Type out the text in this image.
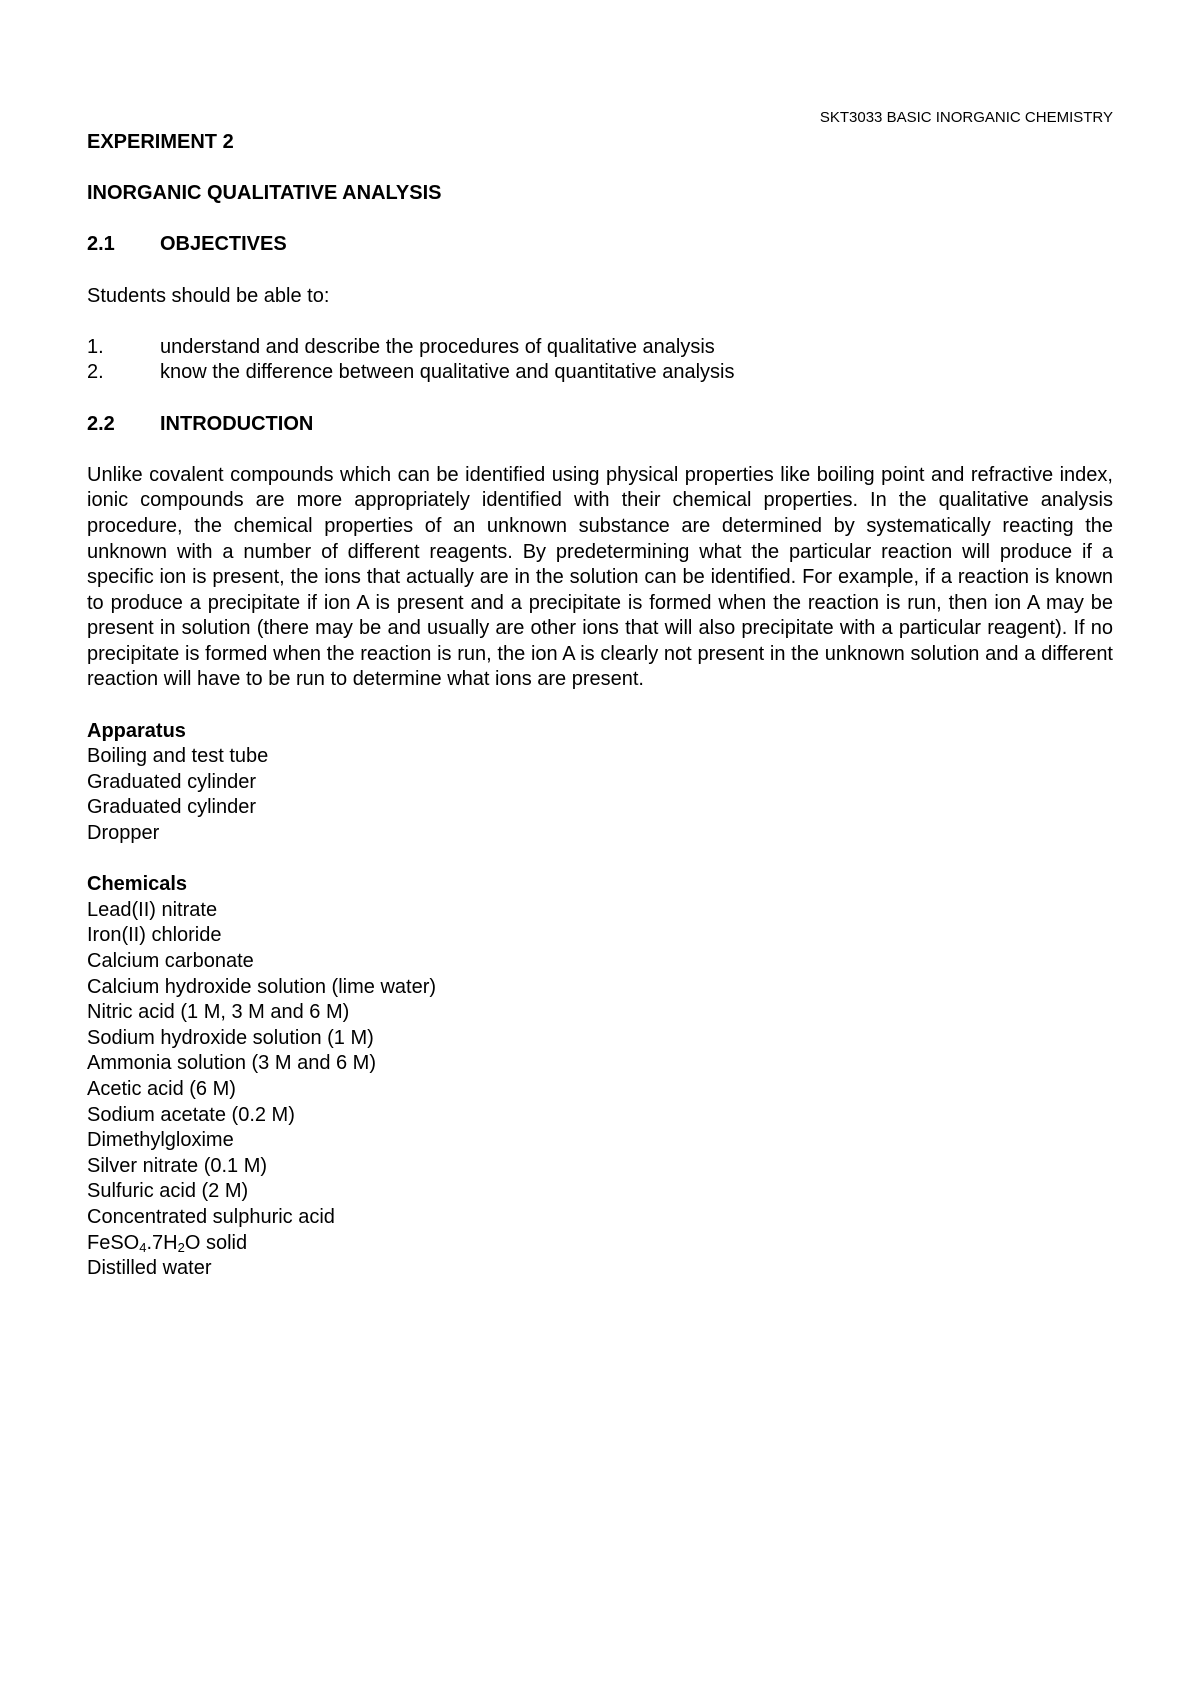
SKT3033 BASIC INORGANIC CHEMISTRY

EXPERIMENT 2

INORGANIC QUALITATIVE ANALYSIS

2.1	OBJECTIVES

Students should be able to:

1.	understand and describe the procedures of qualitative analysis
2.	know the difference between qualitative and quantitative analysis
2.2	INTRODUCTION

Unlike covalent compounds which can be identified using physical properties like boiling point and refractive index, ionic compounds are more appropriately identified with their chemical properties. In the qualitative analysis procedure, the chemical properties of an unknown substance are determined by systematically reacting the unknown with a number of different reagents. By predetermining what the particular reaction will produce if a specific ion is present, the ions that actually are in the solution can be identified. For example, if a reaction is known to produce a precipitate if ion A is present and a precipitate is formed when the reaction is run, then ion A may be present in solution (there may be and usually are other ions that will also precipitate with a particular reagent). If no precipitate is formed when the reaction is run, the ion A is clearly not present in the unknown solution and a different reaction will have to be run to determine what ions are present.

Apparatus

Boiling and test tube

Graduated cylinder

Graduated cylinder

Dropper

Chemicals

Lead(II) nitrate

Iron(II) chloride

Calcium carbonate

Calcium hydroxide solution (lime water)

Nitric acid (1 M, 3 M and 6 M)

Sodium hydroxide solution (1 M)

Ammonia solution (3 M and 6 M)

Acetic acid (6 M)

Sodium acetate (0.2 M)

Dimethylgloxime

Silver nitrate (0.1 M)

Sulfuric acid (2 M)

Concentrated sulphuric acid

$FeSO_4.7H_2O$ solid

Distilled water
